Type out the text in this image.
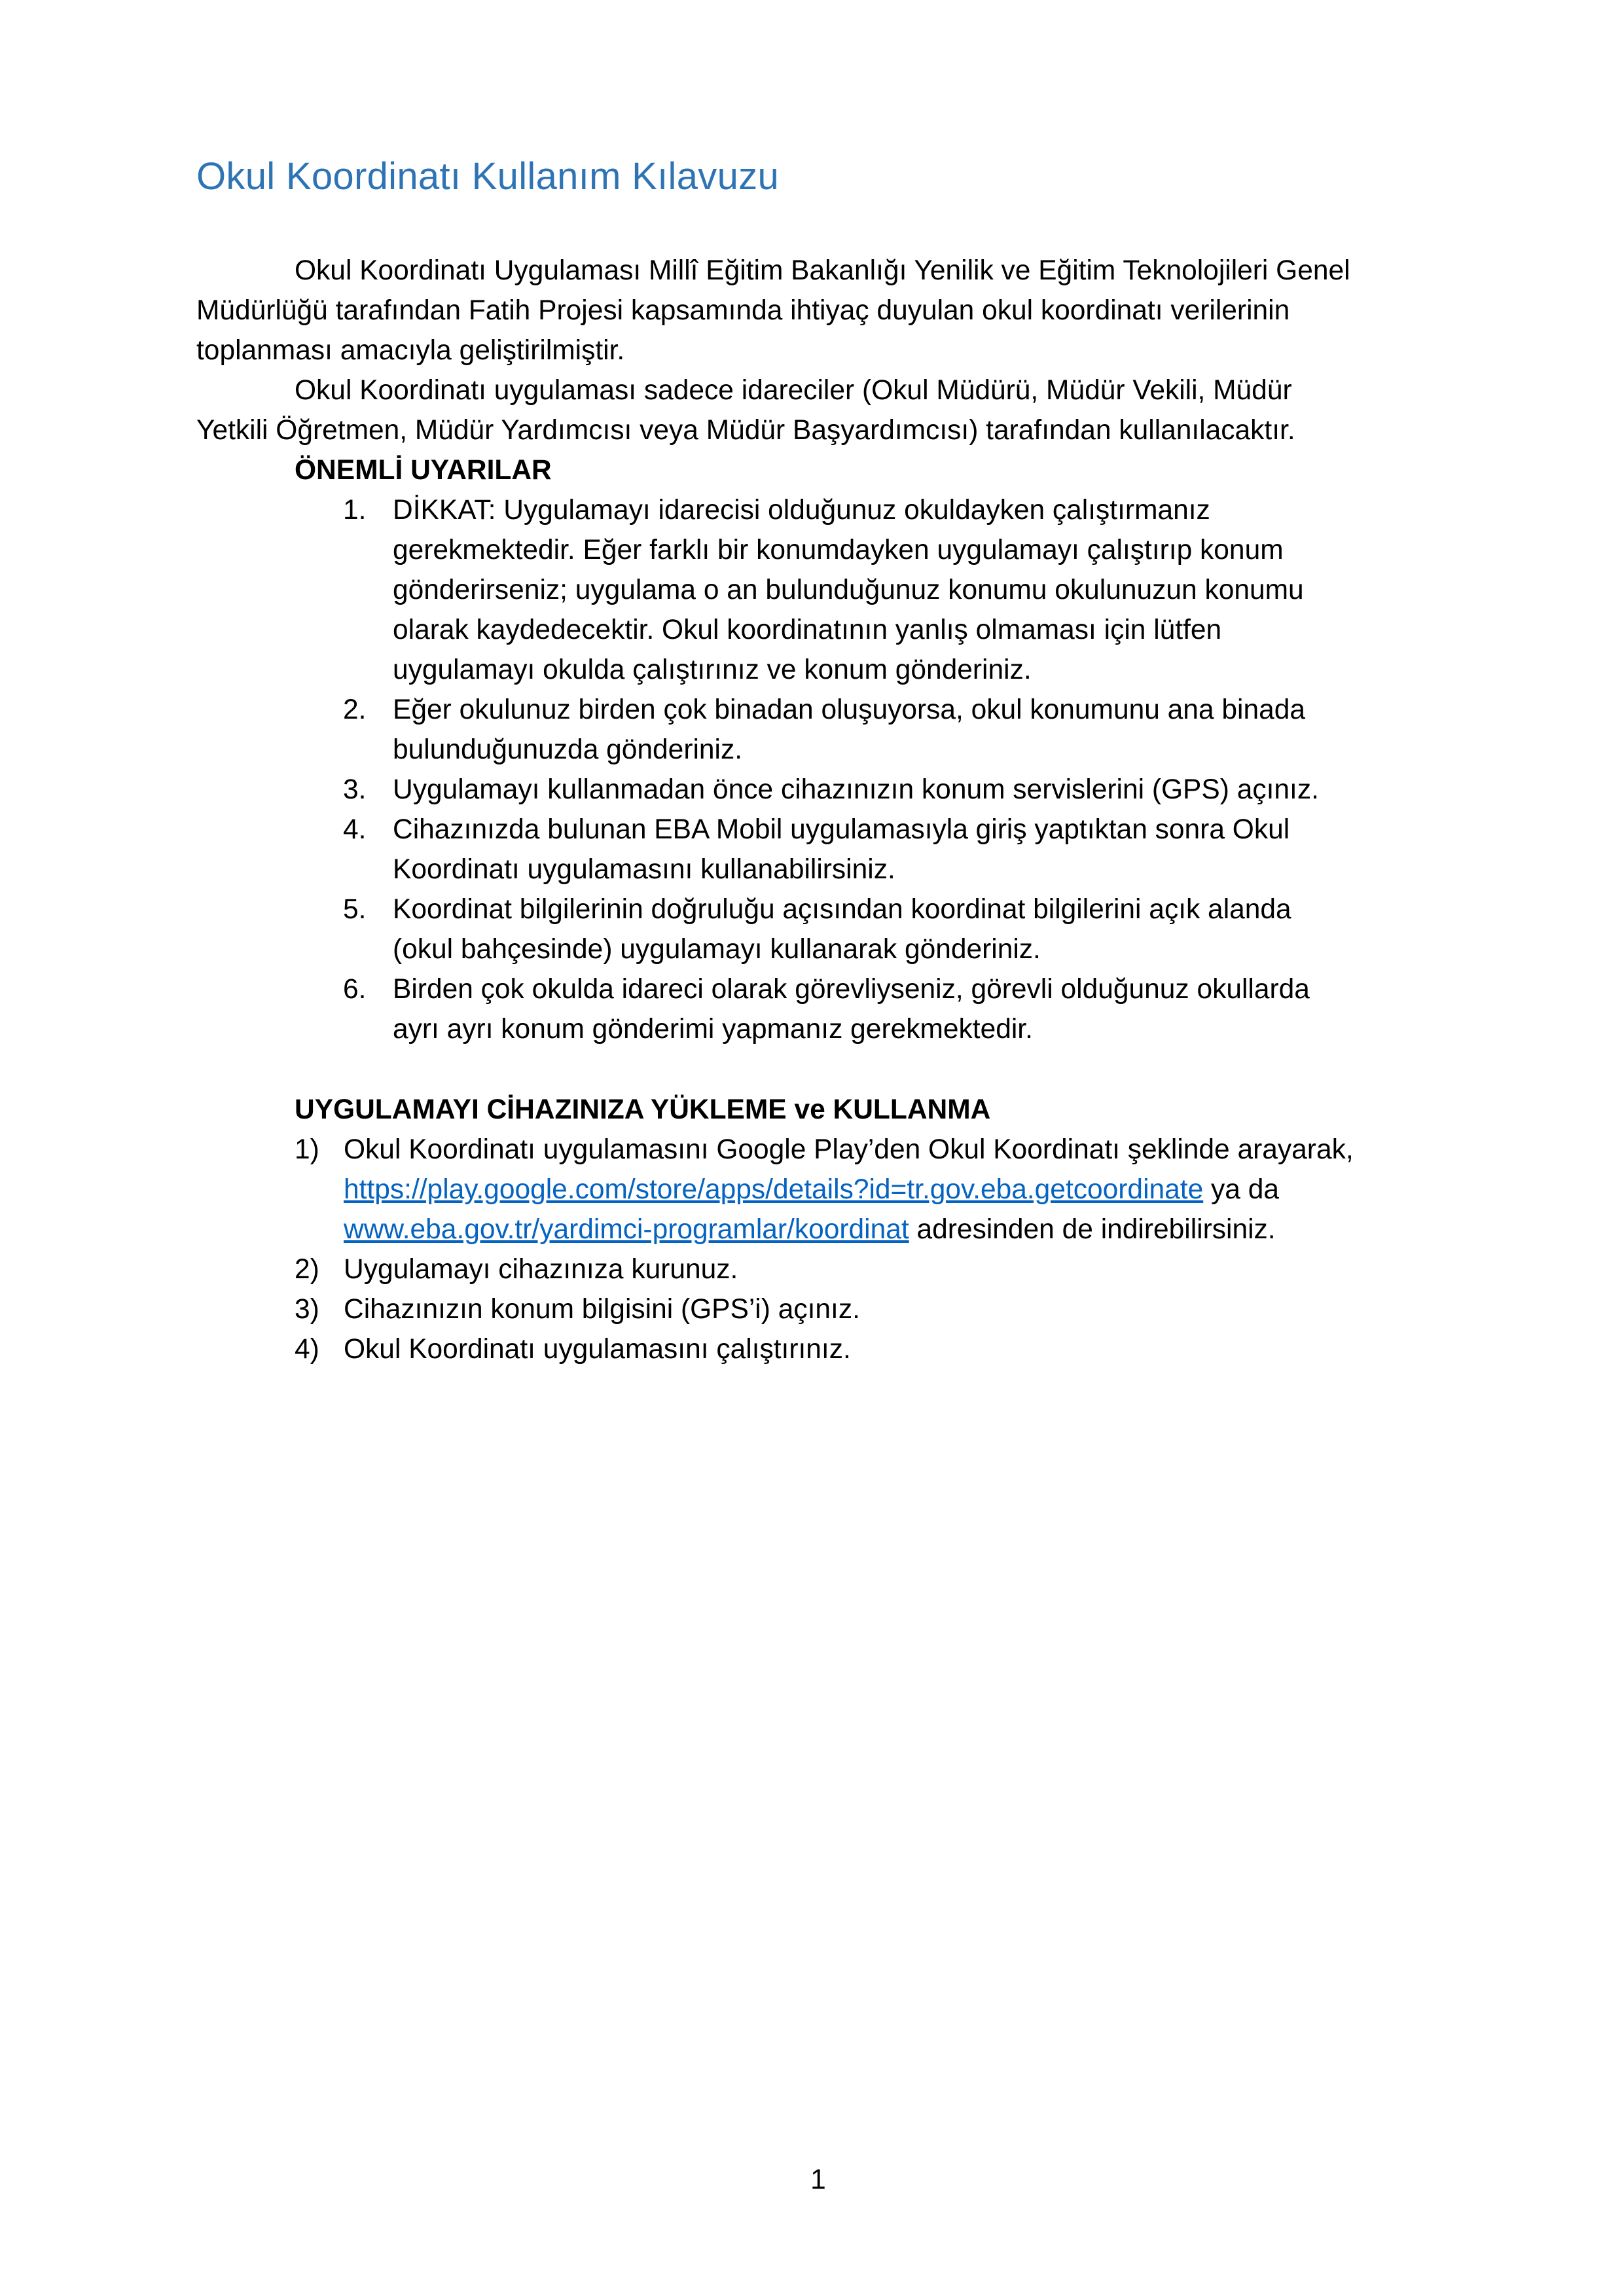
Okul Koordinatı Kullanım Kılavuzu
Okul Koordinatı Uygulaması Millî Eğitim Bakanlığı Yenilik ve Eğitim Teknolojileri Genel
Müdürlüğü tarafından Fatih Projesi kapsamında ihtiyaç duyulan okul koordinatı verilerinin
toplanması amacıyla geliştirilmiştir.
Okul Koordinatı uygulaması sadece idareciler (Okul Müdürü, Müdür Vekili, Müdür
Yetkili Öğretmen, Müdür Yardımcısı veya Müdür Başyardımcısı) tarafından kullanılacaktır.
ÖNEMLİ UYARILAR
1. DİKKAT: Uygulamayı idarecisi olduğunuz okuldayken çalıştırmanız
gerekmektedir. Eğer farklı bir konumdayken uygulamayı çalıştırıp konum
gönderirseniz; uygulama o an bulunduğunuz konumu okulunuzun konumu
olarak kaydedecektir. Okul koordinatının yanlış olmaması için lütfen
uygulamayı okulda çalıştırınız ve konum gönderiniz.
2. Eğer okulunuz birden çok binadan oluşuyorsa, okul konumunu ana binada
bulunduğunuzda gönderiniz.
3. Uygulamayı kullanmadan önce cihazınızın konum servislerini (GPS) açınız.
4. Cihazınızda bulunan EBA Mobil uygulamasıyla giriş yaptıktan sonra Okul
Koordinatı uygulamasını kullanabilirsiniz.
5. Koordinat bilgilerinin doğruluğu açısından koordinat bilgilerini açık alanda
(okul bahçesinde) uygulamayı kullanarak gönderiniz.
6. Birden çok okulda idareci olarak görevliyseniz, görevli olduğunuz okullarda
ayrı ayrı konum gönderimi yapmanız gerekmektedir.
UYGULAMAYI CİHAZINIZA YÜKLEME ve KULLANMA
1) Okul Koordinatı uygulamasını Google Play’den Okul Koordinatı şeklinde arayarak,
https://play.google.com/store/apps/details?id=tr.gov.eba.getcoordinate ya da
www.eba.gov.tr/yardimci-programlar/koordinat adresinden de indirebilirsiniz.
2) Uygulamayı cihazınıza kurunuz.
3) Cihazınızın konum bilgisini (GPS’i) açınız.
4) Okul Koordinatı uygulamasını çalıştırınız.
1
